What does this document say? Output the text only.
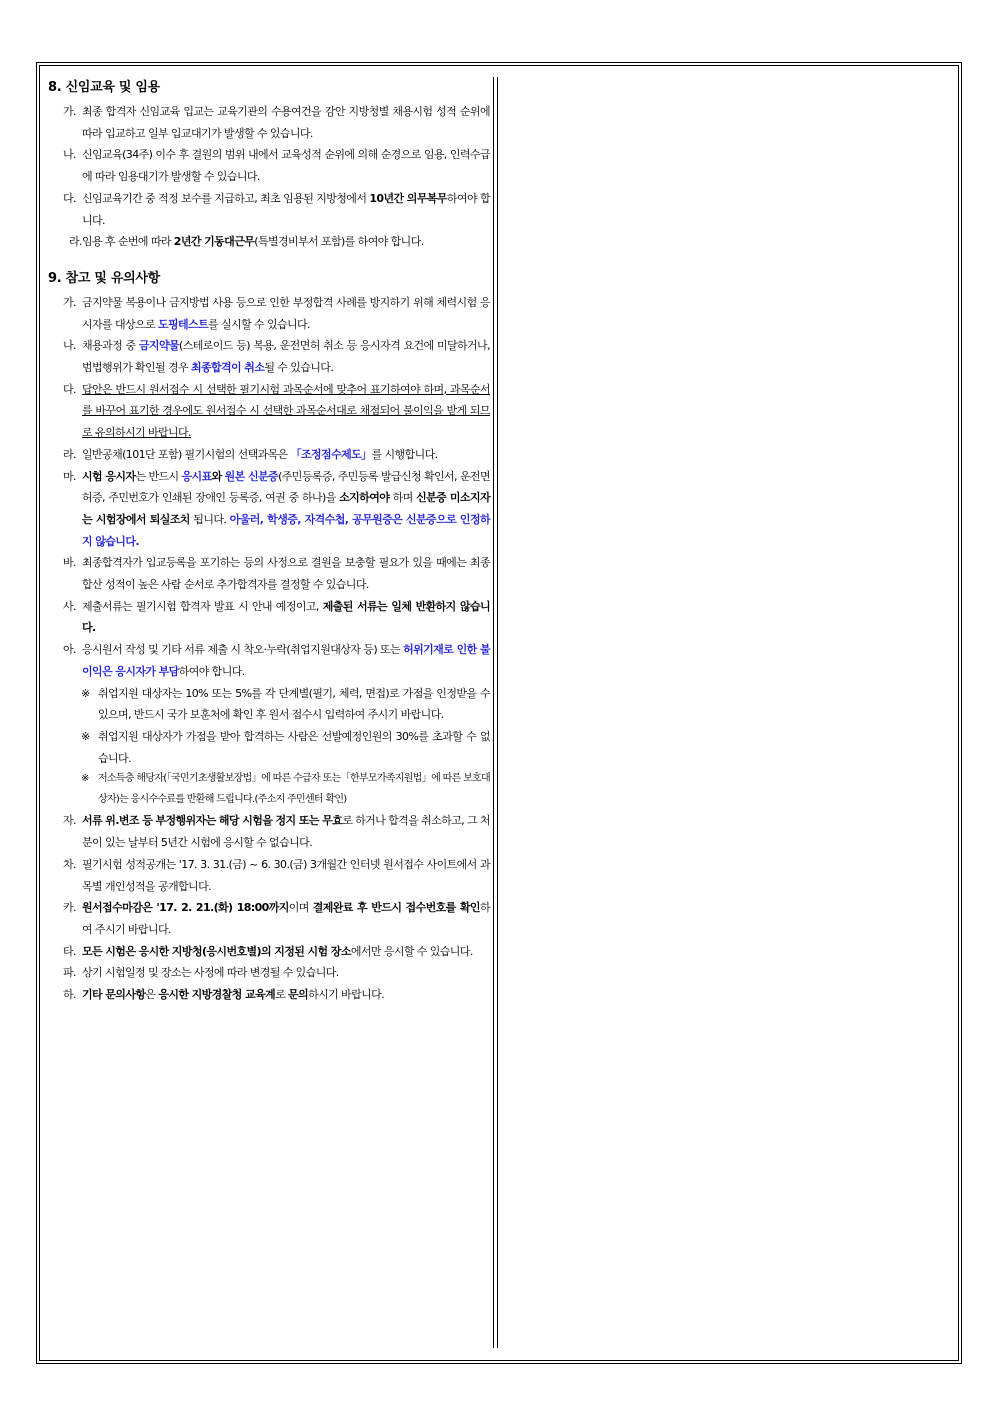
8. 신임교육 및 임용
가. 최종 합격자 신임교육 입교는 교육기관의 수용여건을 감안 지방청별 채용시험 성적 순위에 따라 입교하고 일부 입교대기가 발생할 수 있습니다.
나. 신임교육(34주) 이수 후 결원의 범위 내에서 교육성적 순위에 의해 순경으로 임용, 인력수급에 따라 임용대기가 발생할 수 있습니다.
다. 신임교육기간 중 적정 보수를 지급하고, 최초 임용된 지방청에서 10년간 의무복무하여야 합니다.
라. 임용 후 순번에 따라 2년간 기동대근무(특별경비부서 포함)를 하여야 합니다.
9. 참고 및 유의사항
가. 금지약물 복용이나 금지방법 사용 등으로 인한 부정합격 사례를 방지하기 위해 체력시험 응시자를 대상으로 도핑테스트를 실시할 수 있습니다.
나. 채용과정 중 금지약물(스테로이드 등) 복용, 운전면허 취소 등 응시자격 요건에 미달하거나, 범법행위가 확인될 경우 최종합격이 취소될 수 있습니다.
다. 답안은 반드시 원서접수 시 선택한 필기시험 과목순서에 맞추어 표기하여야 하며, 과목순서를 바꾸어 표기한 경우에도 원서접수 시 선택한 과목순서대로 채점되어 불이익을 받게 되므로 유의하시기 바랍니다.
라. 일반공채(101단 포함) 필기시험의 선택과목은 「조정점수제도」를 시행합니다.
마. 시험 응시자는 반드시 응시표와 원본 신분증(주민등록증, 주민등록 발급신청 확인서, 운전면허증, 주민번호가 인쇄된 장애인 등록증, 여권 중 하나)을 소지하여야 하며 신분증 미소지자는 시험장에서 퇴실조치 됩니다. 아울러, 학생증, 자격수첩, 공무원증은 신분증으로 인정하지 않습니다.
바. 최종합격자가 입교등록을 포기하는 등의 사정으로 결원을 보충할 필요가 있을 때에는 최종합산 성적이 높은 사람 순서로 추가합격자를 결정할 수 있습니다.
사. 제출서류는 필기시험 합격자 발표 시 안내 예정이고, 제출된 서류는 일체 반환하지 않습니다.
아. 응시원서 작성 및 기타 서류 제출 시 착오·누락(취업지원대상자 등) 또는 허위기재로 인한 불이익은 응시자가 부담하여야 합니다.
※ 취업지원 대상자는 10% 또는 5%를 각 단계별(필기, 체력, 면접)로 가점을 인정받을 수 있으며, 반드시 국가 보훈처에 확인 후 원서 접수시 입력하여 주시기 바랍니다.
※ 취업지원 대상자가 가점을 받아 합격하는 사람은 선발예정인원의 30%를 초과할 수 없습니다.
※ 저소득층 해당자(「국민기초생활보장법」에 따른 수급자 또는「한부모가족지원법」에 따른 보호대상자)는 응시수수료를 반환해 드립니다.(주소지 주민센터 확인)
자. 서류 위.변조 등 부정행위자는 해당 시험을 정지 또는 무효로 하거나 합격을 취소하고, 그 처분이 있는 날부터 5년간 시험에 응시할 수 없습니다.
차. 필기시험 성적공개는 '17. 3. 31.(금) ~ 6. 30.(금) 3개월간 인터넷 원서접수 사이트에서 과목별 개인성적을 공개합니다.
카. 원서접수마감은 '17. 2. 21.(화) 18:00까지이며 결제완료 후 반드시 접수번호를 확인하여 주시기 바랍니다.
타. 모든 시험은 응시한 지방청(응시번호별)의 지정된 시험 장소에서만 응시할 수 있습니다.
파. 상기 시험일정 및 장소는 사정에 따라 변경될 수 있습니다.
하. 기타 문의사항은 응시한 지방경찰청 교육계로 문의하시기 바랍니다.
